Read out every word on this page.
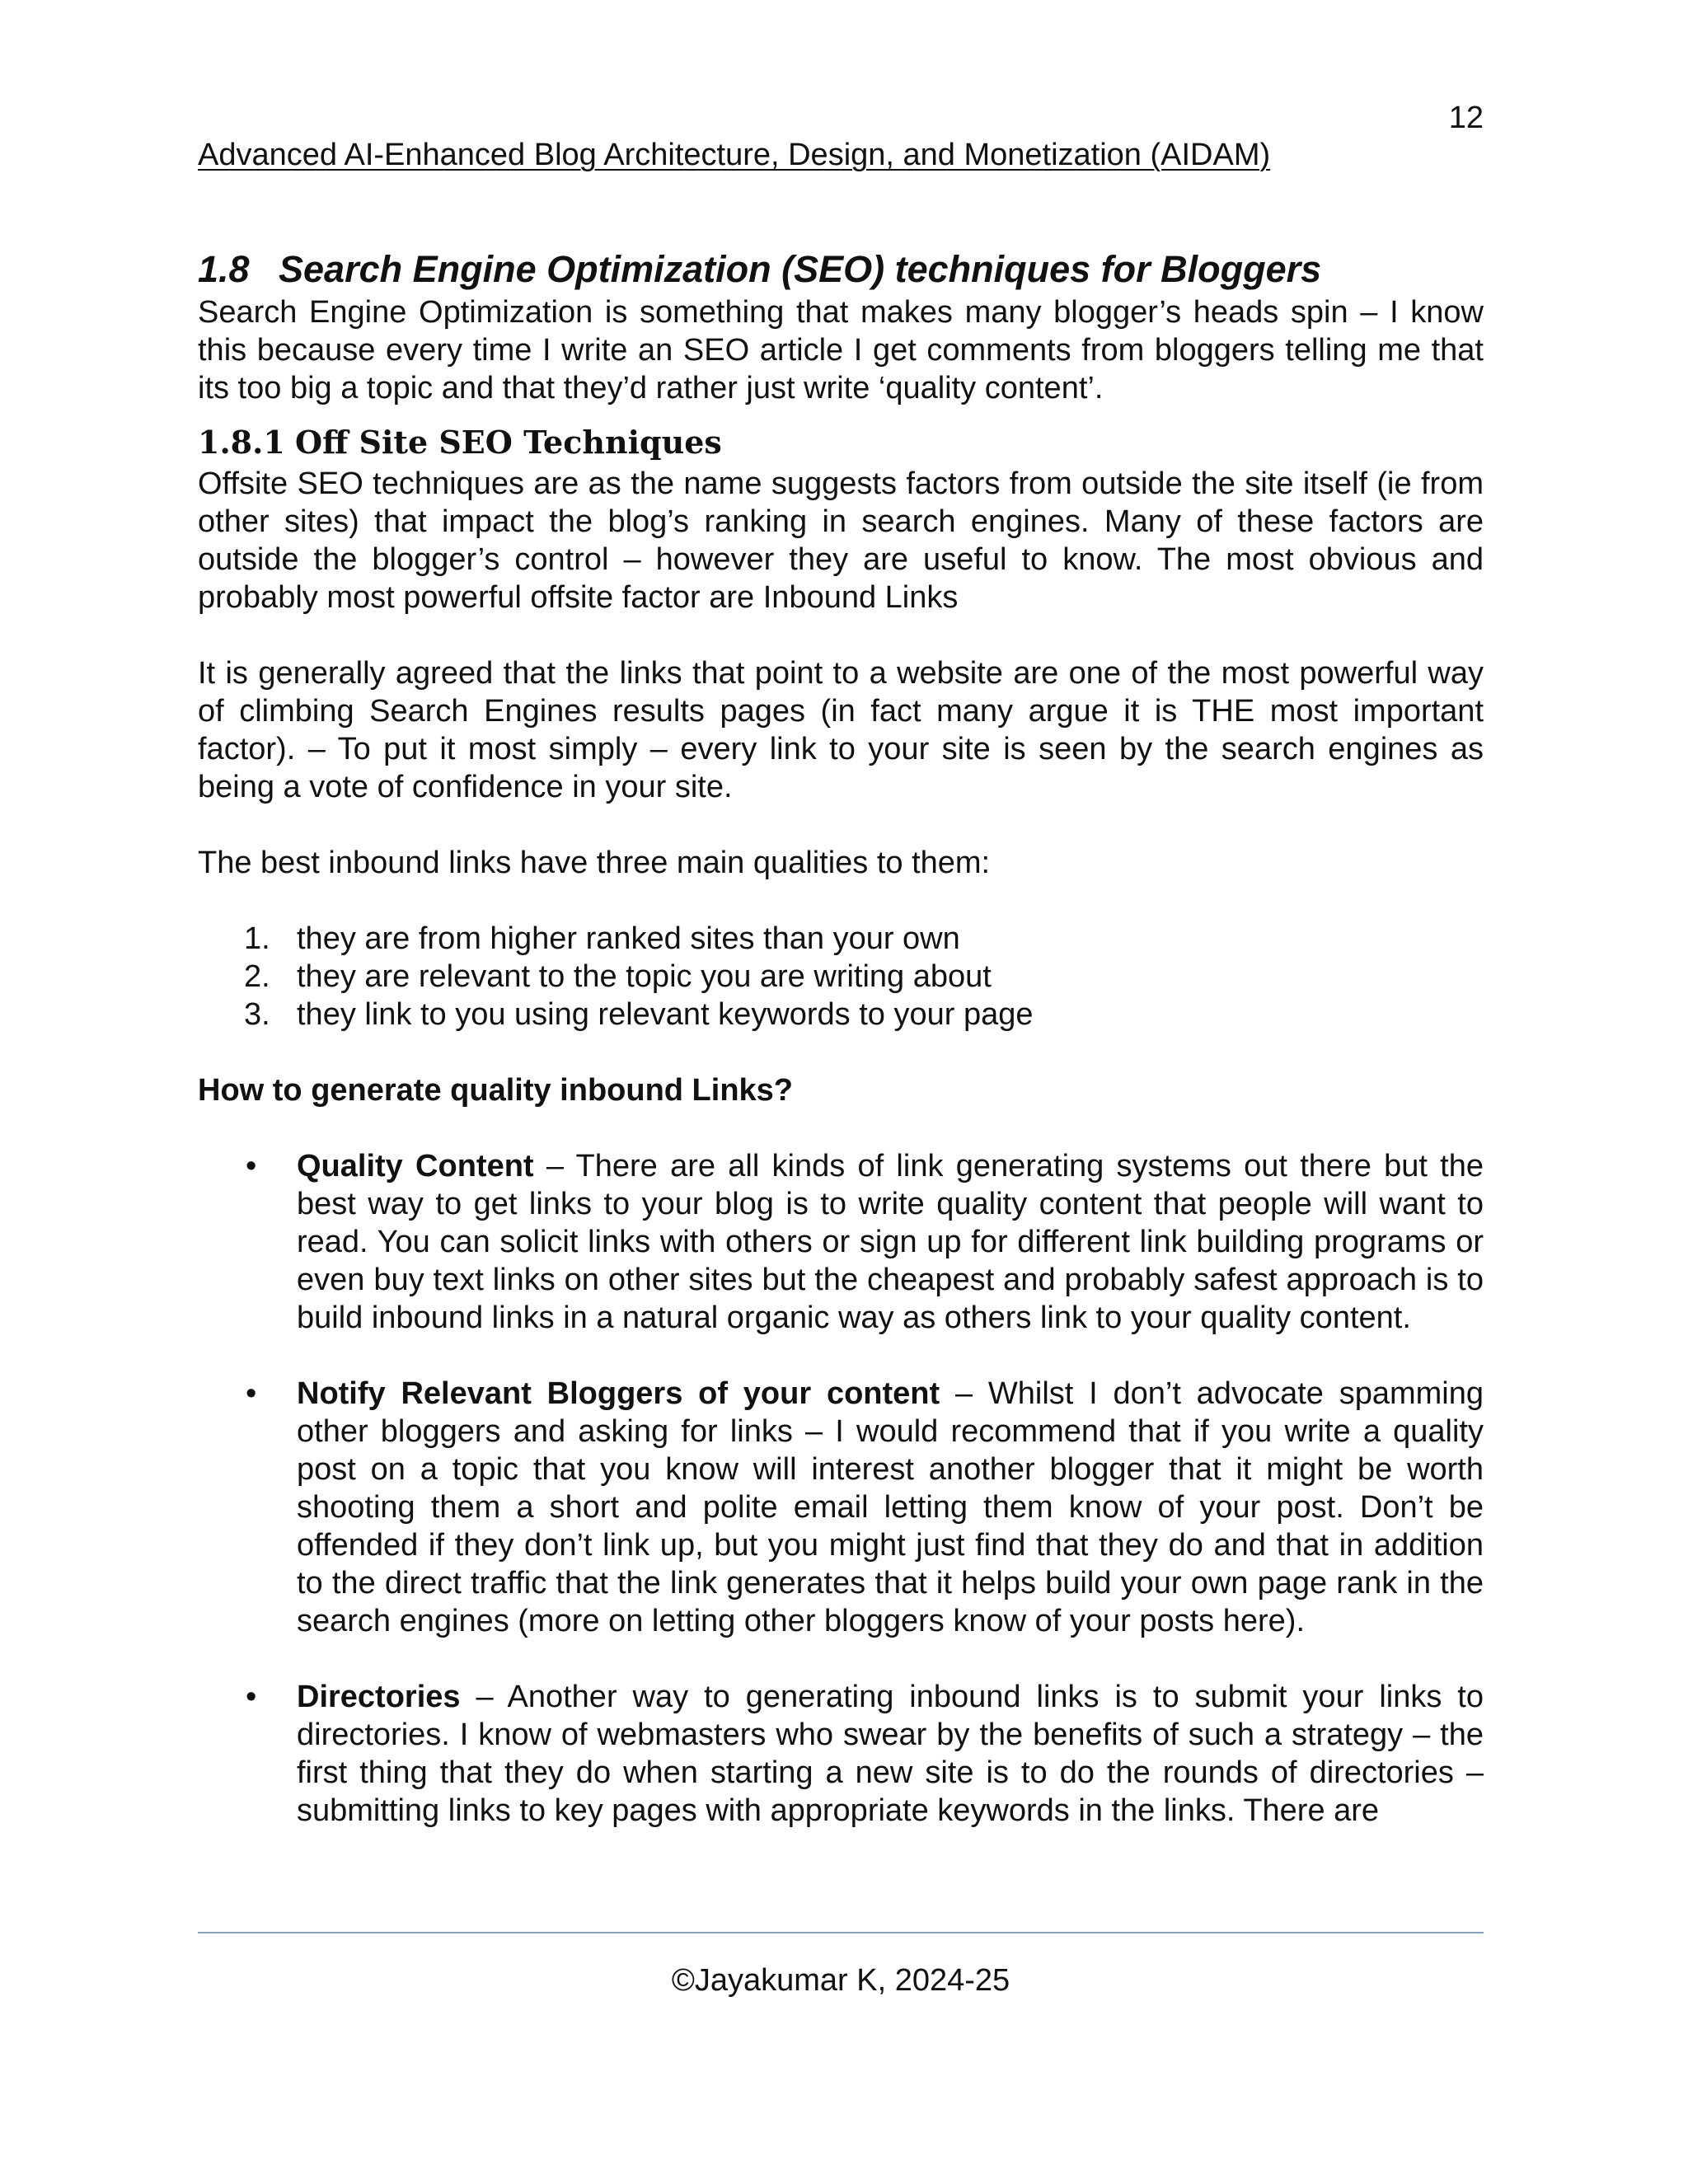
12
Advanced AI-Enhanced Blog Architecture, Design, and Monetization (AIDAM)
1.8 Search Engine Optimization (SEO) techniques for Bloggers

Search Engine Optimization is something that makes many blogger’s heads spin – I know this because every time I write an SEO article I get comments from bloggers telling me that its too big a topic and that they’d rather just write ‘quality content’.

1.8.1 Off Site SEO Techniques

Offsite SEO techniques are as the name suggests factors from outside the site itself (ie from other sites) that impact the blog’s ranking in search engines. Many of these factors are outside the blogger’s control – however they are useful to know. The most obvious and probably most powerful offsite factor are Inbound Links

It is generally agreed that the links that point to a website are one of the most powerful way of climbing Search Engines results pages (in fact many argue it is THE most important factor). – To put it most simply – every link to your site is seen by the search engines as being a vote of confidence in your site.

The best inbound links have three main qualities to them:

1. they are from higher ranked sites than your own
2. they are relevant to the topic you are writing about
3. they link to you using relevant keywords to your page

How to generate quality inbound Links?

• Quality Content – There are all kinds of link generating systems out there but the best way to get links to your blog is to write quality content that people will want to read. You can solicit links with others or sign up for different link building programs or even buy text links on other sites but the cheapest and probably safest approach is to build inbound links in a natural organic way as others link to your quality content.
• Notify Relevant Bloggers of your content – Whilst I don’t advocate spamming other bloggers and asking for links – I would recommend that if you write a quality post on a topic that you know will interest another blogger that it might be worth shooting them a short and polite email letting them know of your post. Don’t be offended if they don’t link up, but you might just find that they do and that in addition to the direct traffic that the link generates that it helps build your own page rank in the search engines (more on letting other bloggers know of your posts here).
• Directories – Another way to generating inbound links is to submit your links to directories. I know of webmasters who swear by the benefits of such a strategy – the first thing that they do when starting a new site is to do the rounds of directories – submitting links to key pages with appropriate keywords in the links. There are
©Jayakumar K, 2024-25
